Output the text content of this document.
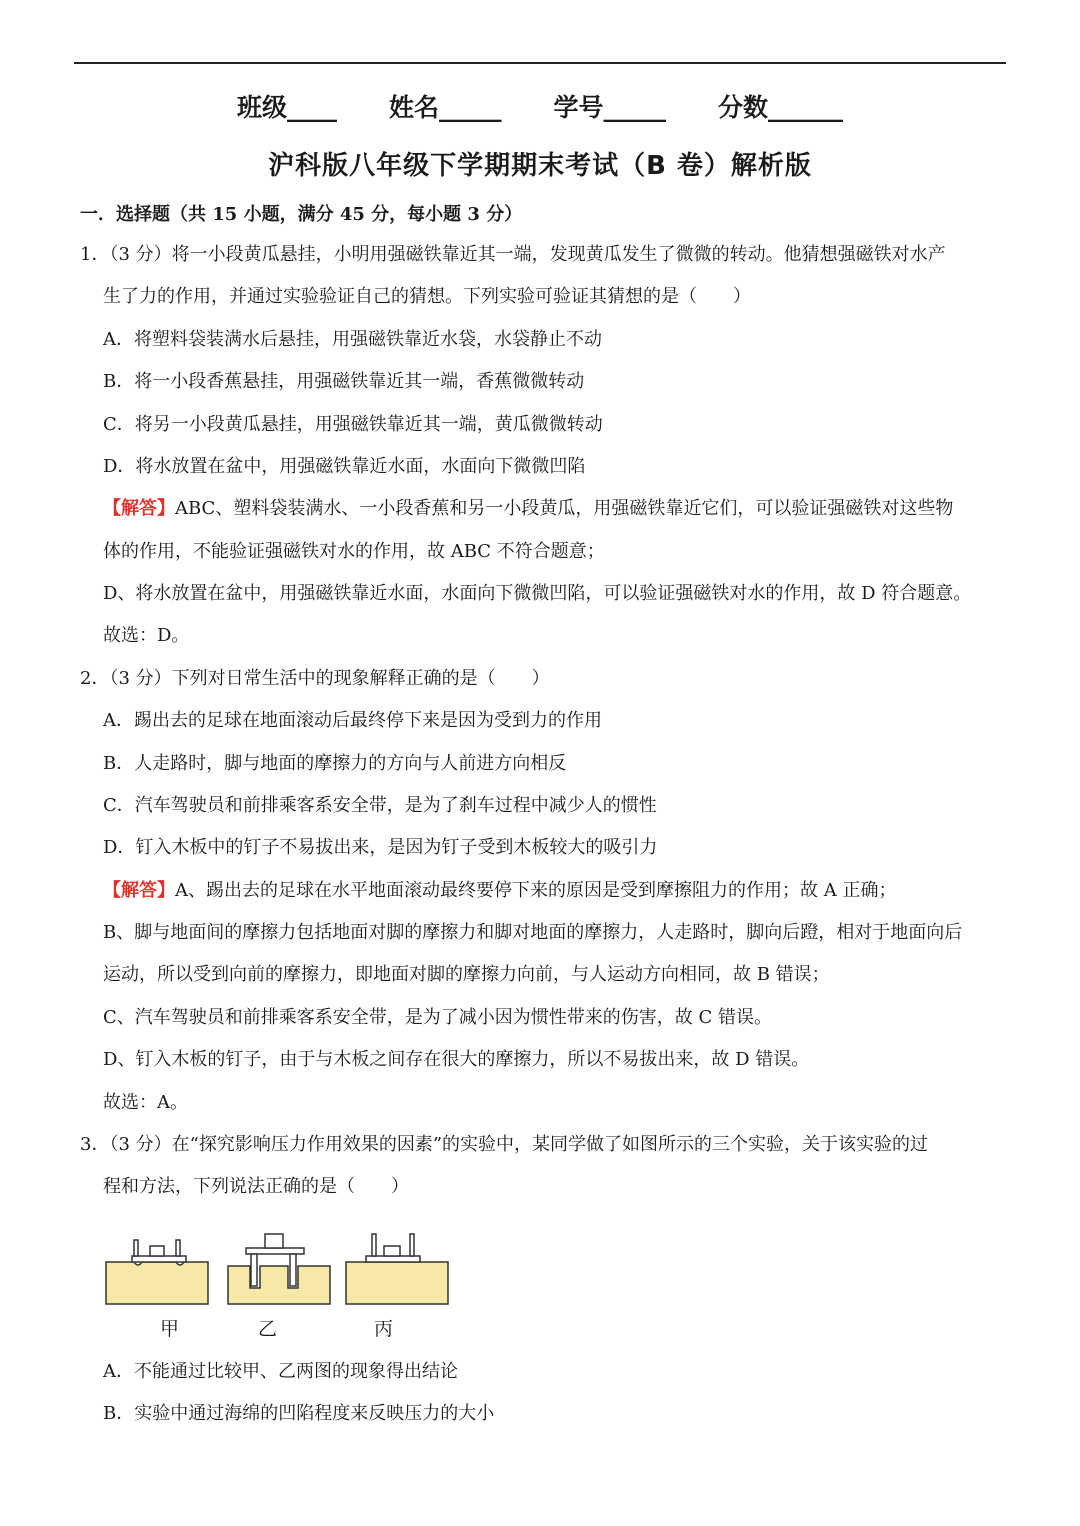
班级____ 姓名_____ 学号_____ 分数______
沪科版八年级下学期期末考试（B 卷）解析版
一．选择题（共 15 小题，满分 45 分，每小题 3 分）
1．（3 分）将一小段黄瓜悬挂，小明用强磁铁靠近其一端，发现黄瓜发生了微微的转动。他猜想强磁铁对水产
生了力的作用，并通过实验验证自己的猜想。下列实验可验证其猜想的是（　　）
A．将塑料袋装满水后悬挂，用强磁铁靠近水袋，水袋静止不动
B．将一小段香蕉悬挂，用强磁铁靠近其一端，香蕉微微转动
C．将另一小段黄瓜悬挂，用强磁铁靠近其一端，黄瓜微微转动
D．将水放置在盆中，用强磁铁靠近水面，水面向下微微凹陷
【解答】ABC、塑料袋装满水、一小段香蕉和另一小段黄瓜，用强磁铁靠近它们，可以验证强磁铁对这些物
体的作用，不能验证强磁铁对水的作用，故 ABC 不符合题意；
D、将水放置在盆中，用强磁铁靠近水面，水面向下微微凹陷，可以验证强磁铁对水的作用，故 D 符合题意。
故选：D。
2．（3 分）下列对日常生活中的现象解释正确的是（　　）
A．踢出去的足球在地面滚动后最终停下来是因为受到力的作用
B．人走路时，脚与地面的摩擦力的方向与人前进方向相反
C．汽车驾驶员和前排乘客系安全带，是为了刹车过程中减少人的惯性
D．钉入木板中的钉子不易拔出来，是因为钉子受到木板较大的吸引力
【解答】A、踢出去的足球在水平地面滚动最终要停下来的原因是受到摩擦阻力的作用；故 A 正确；
B、脚与地面间的摩擦力包括地面对脚的摩擦力和脚对地面的摩擦力，人走路时，脚向后蹬，相对于地面向后
运动，所以受到向前的摩擦力，即地面对脚的摩擦力向前，与人运动方向相同，故 B 错误；
C、汽车驾驶员和前排乘客系安全带，是为了减小因为惯性带来的伤害，故 C 错误。
D、钉入木板的钉子，由于与木板之间存在很大的摩擦力，所以不易拔出来，故 D 错误。
故选：A。
3．（3 分）在“探究影响压力作用效果的因素”的实验中，某同学做了如图所示的三个实验，关于该实验的过
程和方法，下列说法正确的是（　　）
甲	乙	丙
A．不能通过比较甲、乙两图的现象得出结论
B．实验中通过海绵的凹陷程度来反映压力的大小
